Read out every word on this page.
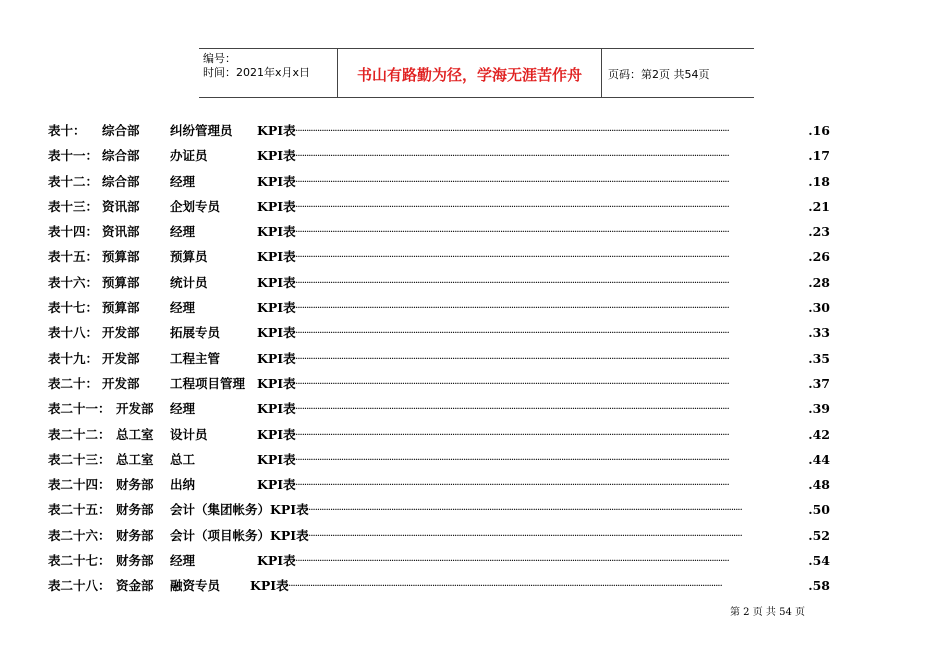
编号：
时间：2021年x月x日	书山有路勤为径，学海无涯苦作舟	页码：第2页 共54页
表十： 综合部 纠纷管理员 KPI表
········································································································································································································	.16
表十一： 综合部 办证员	KPI表
········································································································································································································	.17
表十二： 综合部 经理	KPI表
········································································································································································································	.18
表十三： 资讯部 企划专员	KPI表
········································································································································································································	.21
表十四： 资讯部 经理	KPI表
········································································································································································································	.23
表十五： 预算部 预算员	KPI表
········································································································································································································	.26
表十六： 预算部 统计员	KPI表
········································································································································································································	.28
表十七： 预算部 经理	KPI表
········································································································································································································	.30
表十八： 开发部 拓展专员	KPI表
········································································································································································································	.33
表十九： 开发部 工程主管	KPI表
········································································································································································································	.35
表二十： 开发部 工程项目管理 KPI表
········································································································································································································	.37
表二十一： 开发部 经理	KPI表
········································································································································································································	.39
表二十二： 总工室 设计员	KPI表
········································································································································································································	.42
表二十三： 总工室 总工	KPI表
········································································································································································································	.44
表二十四： 财务部 出纳	KPI表
········································································································································································································	.48
表二十五： 财务部 会计（集团帐务） KPI表
········································································································································································································	.50
表二十六： 财务部 会计（项目帐务） KPI表
········································································································································································································	.52
表二十七： 财务部 经理	KPI表
········································································································································································································	.54
表二十八： 资金部 融资专员 KPI表
········································································································································································································	.58
第 2 页 共 54 页
